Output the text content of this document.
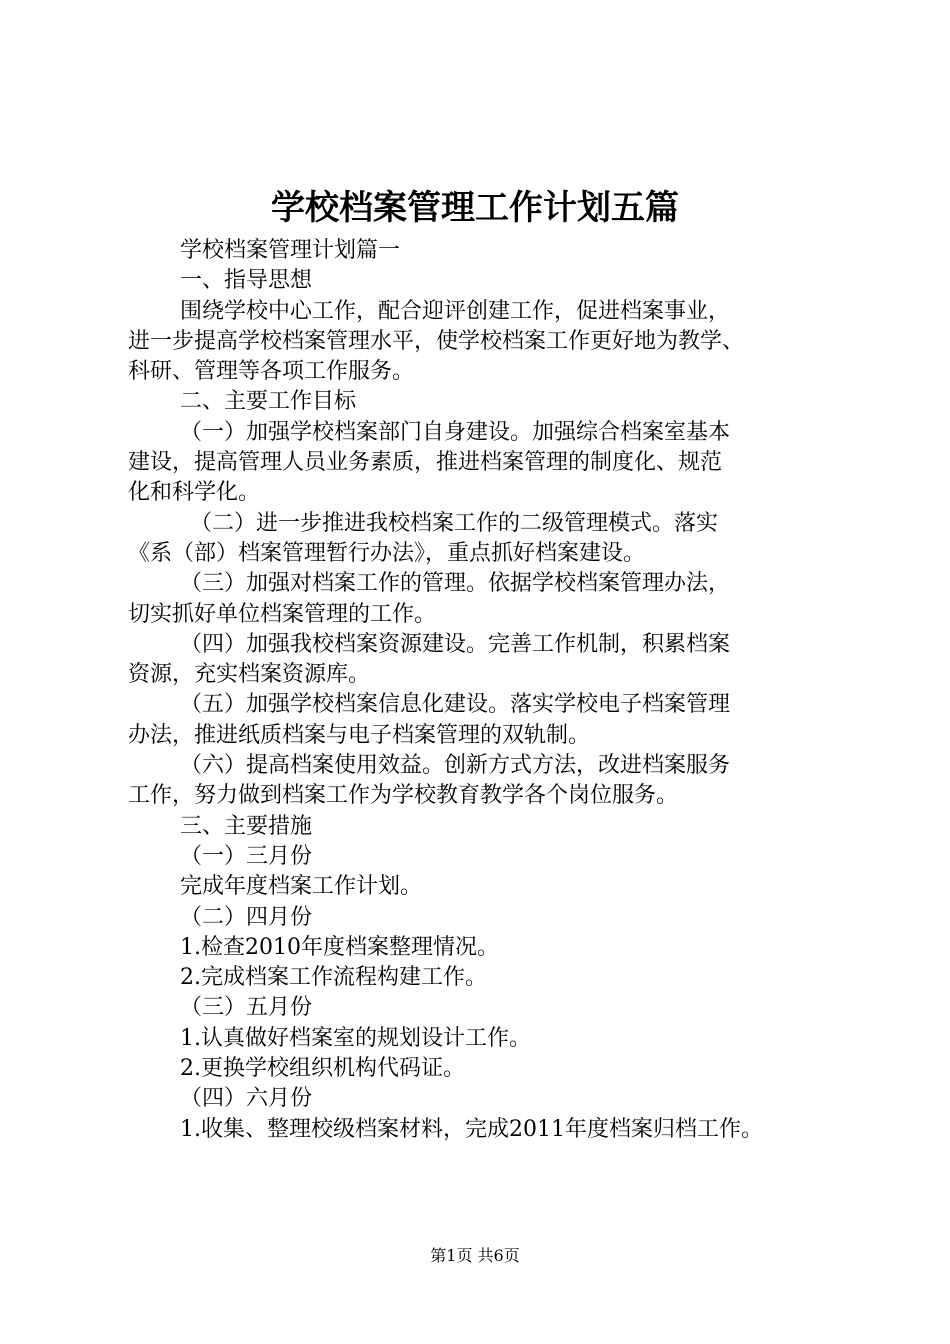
学校档案管理工作计划五篇

学校档案管理计划篇一

一、指导思想

围绕学校中心工作，配合迎评创建工作，促进档案事业，

进一步提高学校档案管理水平，使学校档案工作更好地为教学、

科研、管理等各项工作服务。

二、主要工作目标

（一）加强学校档案部门自身建设。加强综合档案室基本

建设，提高管理人员业务素质，推进档案管理的制度化、规范

化和科学化。

（二）进一步推进我校档案工作的二级管理模式。落实

《系（部）档案管理暂行办法》，重点抓好档案建设。

（三）加强对档案工作的管理。依据学校档案管理办法，

切实抓好单位档案管理的工作。

（四）加强我校档案资源建设。完善工作机制，积累档案

资源，充实档案资源库。

（五）加强学校档案信息化建设。落实学校电子档案管理

办法，推进纸质档案与电子档案管理的双轨制。

（六）提高档案使用效益。创新方式方法，改进档案服务

工作，努力做到档案工作为学校教育教学各个岗位服务。

三、主要措施

（一）三月份

完成年度档案工作计划。

（二）四月份

1.检查2010年度档案整理情况。

2.完成档案工作流程构建工作。

（三）五月份

1.认真做好档案室的规划设计工作。

2.更换学校组织机构代码证。

（四）六月份

1.收集、整理校级档案材料，完成2011年度档案归档工作。

第1页 共6页
